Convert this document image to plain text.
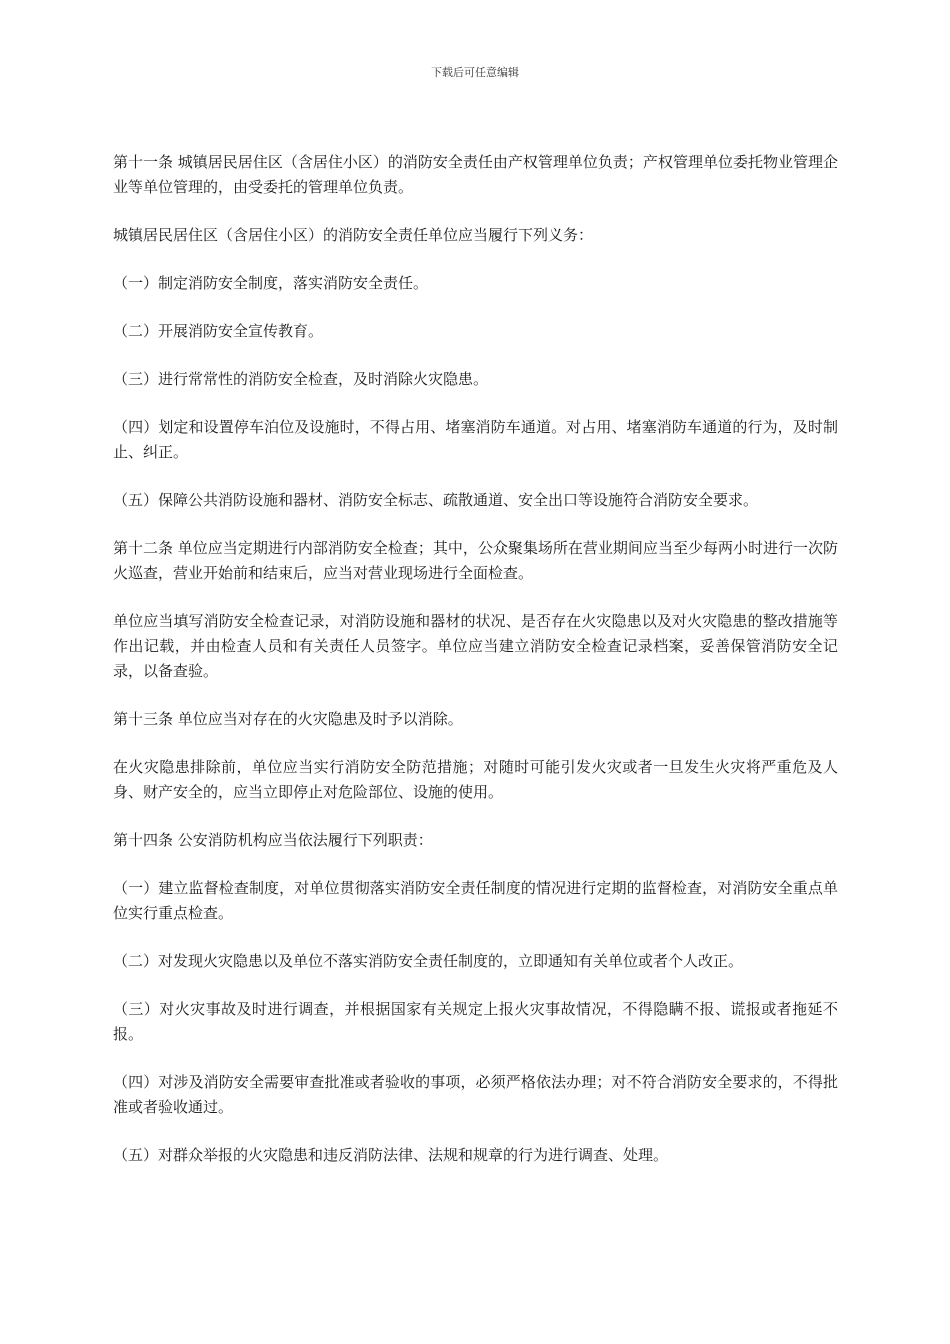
下载后可任意编辑

第十一条 城镇居民居住区（含居住小区）的消防安全责任由产权管理单位负责；产权管理单位委托物业管理企业等单位管理的，由受委托的管理单位负责。

城镇居民居住区（含居住小区）的消防安全责任单位应当履行下列义务：

（一）制定消防安全制度，落实消防安全责任。

（二）开展消防安全宣传教育。

（三）进行常常性的消防安全检查，及时消除火灾隐患。

（四）划定和设置停车泊位及设施时，不得占用、堵塞消防车通道。对占用、堵塞消防车通道的行为，及时制止、纠正。

（五）保障公共消防设施和器材、消防安全标志、疏散通道、安全出口等设施符合消防安全要求。

第十二条 单位应当定期进行内部消防安全检查；其中，公众聚集场所在营业期间应当至少每两小时进行一次防火巡查，营业开始前和结束后，应当对营业现场进行全面检查。

单位应当填写消防安全检查记录，对消防设施和器材的状况、是否存在火灾隐患以及对火灾隐患的整改措施等作出记载，并由检查人员和有关责任人员签字。单位应当建立消防安全检查记录档案，妥善保管消防安全记录，以备查验。

第十三条 单位应当对存在的火灾隐患及时予以消除。

在火灾隐患排除前，单位应当实行消防安全防范措施；对随时可能引发火灾或者一旦发生火灾将严重危及人身、财产安全的，应当立即停止对危险部位、设施的使用。

第十四条 公安消防机构应当依法履行下列职责：

（一）建立监督检查制度，对单位贯彻落实消防安全责任制度的情况进行定期的监督检查，对消防安全重点单位实行重点检查。

（二）对发现火灾隐患以及单位不落实消防安全责任制度的，立即通知有关单位或者个人改正。

（三）对火灾事故及时进行调查，并根据国家有关规定上报火灾事故情况，不得隐瞒不报、谎报或者拖延不报。

（四）对涉及消防安全需要审查批准或者验收的事项，必须严格依法办理；对不符合消防安全要求的，不得批准或者验收通过。

（五）对群众举报的火灾隐患和违反消防法律、法规和规章的行为进行调查、处理。
